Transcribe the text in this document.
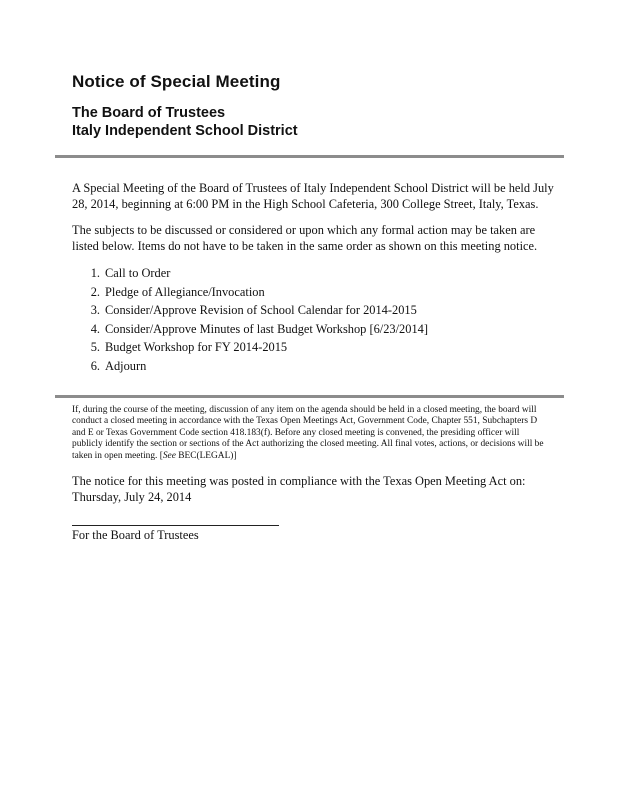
Notice of Special Meeting
The Board of Trustees
Italy Independent School District

A Special Meeting of the Board of Trustees of Italy Independent School District will be held July 28, 2014, beginning at 6:00 PM in the High School Cafeteria, 300 College Street, Italy, Texas.

The subjects to be discussed or considered or upon which any formal action may be taken are listed below. Items do not have to be taken in the same order as shown on this meeting notice.

1. Call to Order
2. Pledge of Allegiance/Invocation
3. Consider/Approve Revision of School Calendar for 2014-2015
4. Consider/Approve Minutes of last Budget Workshop [6/23/2014]
5. Budget Workshop for FY 2014-2015
6. Adjourn

If, during the course of the meeting, discussion of any item on the agenda should be held in a closed meeting, the board will conduct a closed meeting in accordance with the Texas Open Meetings Act, Government Code, Chapter 551, Subchapters D and E or Texas Government Code section 418.183(f). Before any closed meeting is convened, the presiding officer will publicly identify the section or sections of the Act authorizing the closed meeting. All final votes, actions, or decisions will be taken in open meeting. [See BEC(LEGAL)]

The notice for this meeting was posted in compliance with the Texas Open Meeting Act on:
Thursday, July 24, 2014

For the Board of Trustees
